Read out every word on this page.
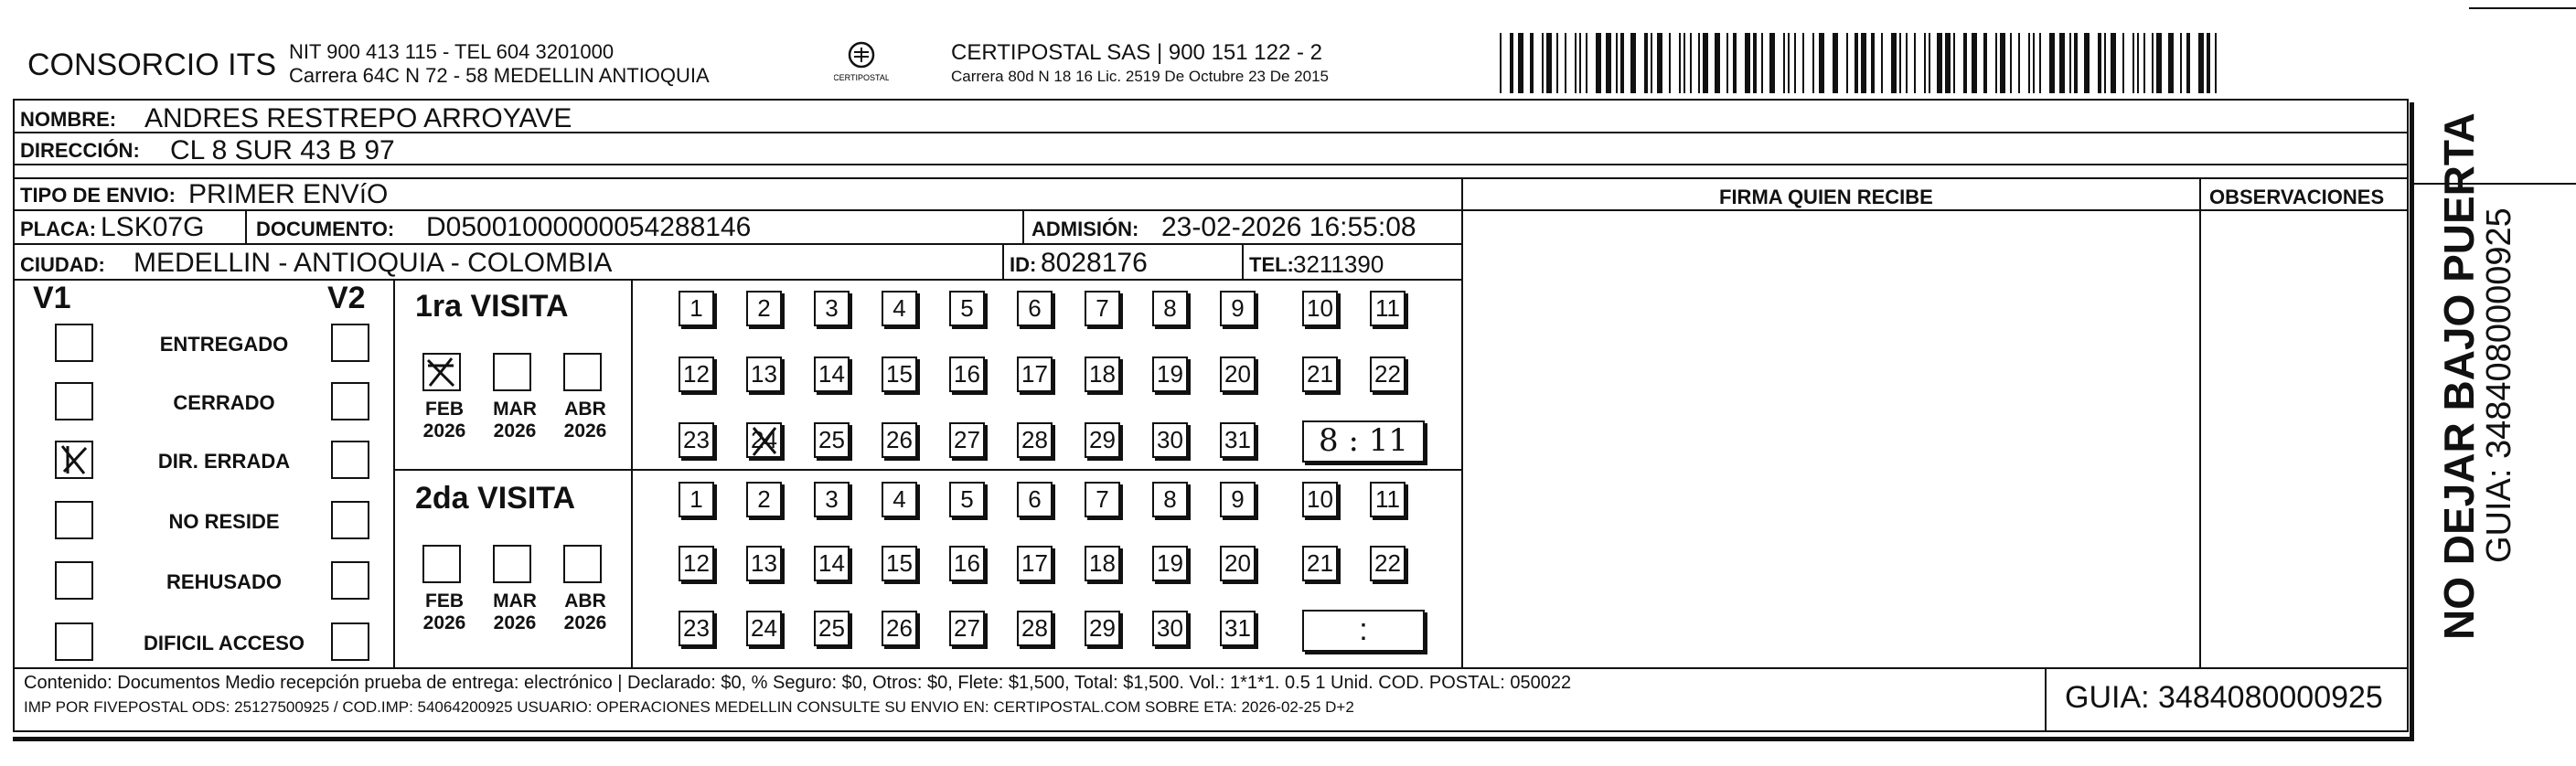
CONSORCIO ITS NIT 900 413 115 - TEL 604 3201000
Carrera 64C N 72 - 58 MEDELLIN ANTIOQUIA	CERTIPOSTAL
CERTIPOSTAL SAS | 900 151 122 - 2
Carrera 80d N 18 16 Lic. 2519 De Octubre 23 De 2015
NOMBRE: ANDRES RESTREPO ARROYAVE
DIRECCIÓN: CL 8 SUR 43 B 97
TIPO DE ENVIO: PRIMER ENVíO	FIRMA QUIEN RECIBE	OBSERVACIONES
PLACA: LSK07G	DOCUMENTO: D05001000000054288146	ADMISIÓN: 23-02-2026 16:55:08
CIUDAD: MEDELLIN - ANTIOQUIA - COLOMBIA	ID: 8028176	TEL: 3211390
V1	V2
ENTREGADO
CERRADO
DIR. ERRADA
NO RESIDE
REHUSADO
DIFICIL ACCESO
1ra VISITA
2da VISITA
FEB
2026
MAR
2026
ABR
2026
FEB
2026
MAR
2026
ABR
2026
1	2	3	4	5	6	7	8	9	10 11
12 13 14 15 16 17 18 19 20 21 22
23 24 25 26 27 28 29 30 31
1	2	3	4	5	6	7	8	9	10 11
12 13 14 15 16 17 18 19 20 21 22
23 24 25 26 27 28 29 30 31
8 : 11
:
Contenido: Documentos Medio recepción prueba de entrega: electrónico | Declarado: $0, % Seguro: $0, Otros: $0, Flete: $1,500, Total: $1,500. Vol.: 1*1*1. 0.5 1 Unid. COD. POSTAL: 050022
IMP POR FIVEPOSTAL ODS: 25127500925 / COD.IMP: 54064200925 USUARIO: OPERACIONES MEDELLIN CONSULTE SU ENVIO EN: CERTIPOSTAL.COM SOBRE ETA: 2026-02-25 D+2	GUIA: 3484080000925
NO DEJAR BAJO PUERTA
GUIA: 3484080000925
